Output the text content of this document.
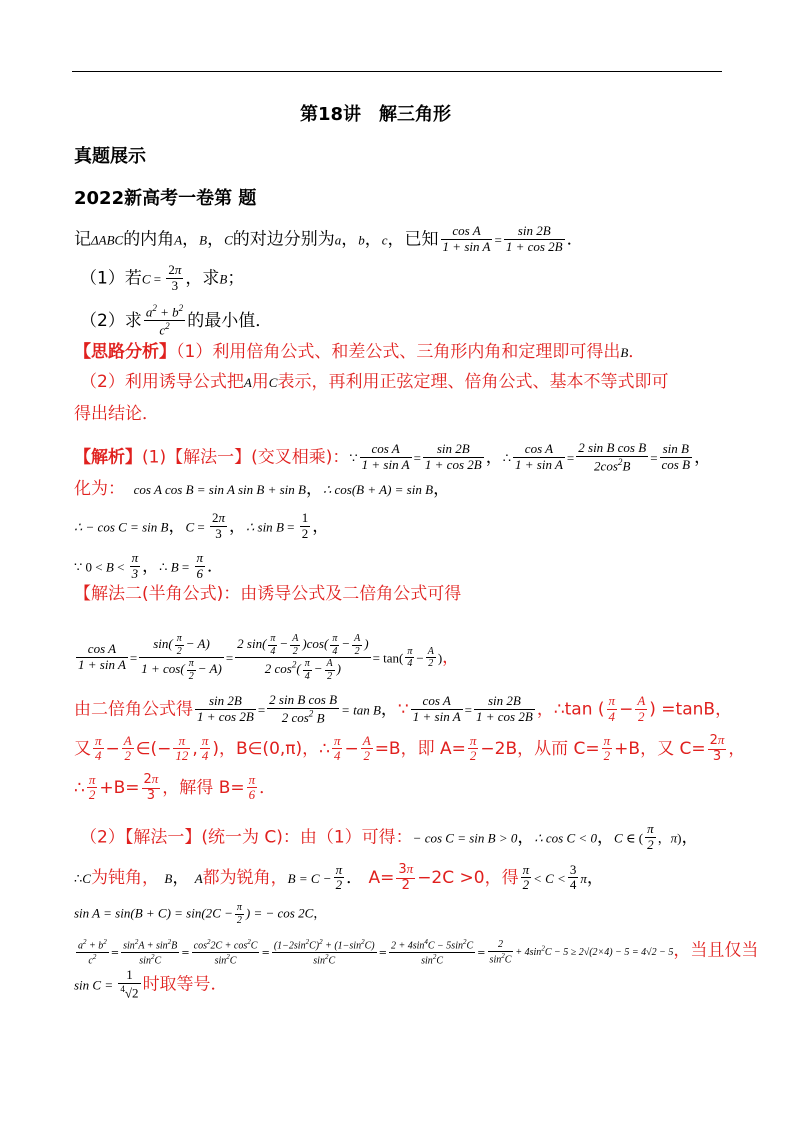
第18讲　解三角形
真题展示
2022新高考一卷第 题
记ΔABC的内角A，B，C的对边分别为a，b，c，已知 $\frac{\text{cos A}}{\text{1 + sin A}} = \frac{\sin 2B}{1 + \cos 2B}$ ．
（1）若$C = \frac{2\pi}{3}$ ，求B；
（2）求 $\frac{a^2 + b^2}{c^2}$ 的最小值．
【思路分析】（1）利用倍角公式、和差公式、三角形内角和定理即可得出B．
（2）利用诱导公式把A用C表示，再利用正弦定理、倍角公式、基本不等式即可
得出结论．
【解析】(1)【解法一】(交叉相乘)：∵ $\frac{\text{cos A}}{\text{1 + sin A}} = \frac{\sin 2B}{1 + \cos 2B}$ ，∴ $\frac{\text{cos A}}{\text{1 + sin A}} = \frac{\text{2 sin B cos B}}{2\cos^2B} = \frac{\text{sin B}}{\text{cos B}}$ ，
化为： cos A cos B = sin A sin B + sin B，∴ cos(B + A) = sin B，
∴ − cos C = sin B，$C = \frac{2\pi}{3}$ ，∴ $\sin B = \frac{1}{2}$ ，
∵ $0 < B < \frac{\pi}{3}$ ，∴ $B = \frac{\pi}{6}$ ．
【解法二(半角公式)：由诱导公式及二倍角公式可得
$\frac{\text{cos A}}{\text{1 + sin A}} = \frac{\sin( \frac{\pi}{2} - A)}{1 + \cos( \frac{\pi}{2} - A)} = \frac{2 \sin( \frac{\pi}{4} - \frac{A}{2} )\cos( \frac{\pi}{4} - \frac{A}{2} )}{2 \cos^2( \frac{\pi}{4} - \frac{A}{2} )} = \tan( \frac{\pi}{4} - \frac{A}{2}$ )，
由二倍角公式得 $\frac{\sin 2B}{1 + \cos 2B} = \frac{\text{2 sin B cos B}}{2 \cos^2 B} = \tan B$，∵ $\frac{\text{cos A}}{\text{1 + sin A}} = \frac{\sin 2B}{1 + \cos 2B}$ ，∴tan ( $\frac{\pi}{4} - \frac{A}{2}$ ) =tanB，
又 $\frac{\pi}{4} - \frac{A}{2}$ ∈(− $\frac{\pi}{12}$ , $\frac{\pi}{4}$ )，B∈(0,π)，∴ $\frac{\pi}{4} - \frac{A}{2} =B$，即 $A= \frac{\pi}{2} -2B$，从而 $C= \frac{\pi}{2} +B$，又 $C= \frac{2\pi}{3}$ ，
∴ $\frac{\pi}{2} +B= \frac{2\pi}{3}$ ，解得 $B= \frac{\pi}{6}$ ．
（2）【解法一】(统一为 C)：由（1）可得：− cos C = sin B > 0，∴ cos C < 0，C ∈ ( $\frac{\pi}{2}$ ，π)，
∴C为钝角， B， A都为锐角，$B = C - \frac{\pi}{2}$ ． $A= \frac{3\pi}{2} -2C >0$，得 $\frac{\pi}{2} < C < \frac{3}{4}$ π，
$\sin A = \sin(B + C) = \sin(2C - \frac{\pi}{2}$ ) = − cos 2C，
$\frac{a^2 + b^2}{c^2} = \frac{\sin^2A + \sin^2B}{\sin^2C} = \frac{\cos^22C + \cos^2C}{\sin^2C} = \frac{(1-2\sin^2C)^2 + (1-\sin^2C)}{\sin^2C} = \frac{2 + 4\sin^4C - 5\sin^2C}{\sin^2C} = \frac{2}{\sin^2C} + 4\sin^2C - 5 \ge 2√(2\times 4) - 5 = 4√2 - 5$，当且仅当
$\sin C = \frac{1}{^4√2}$ 时取等号．
